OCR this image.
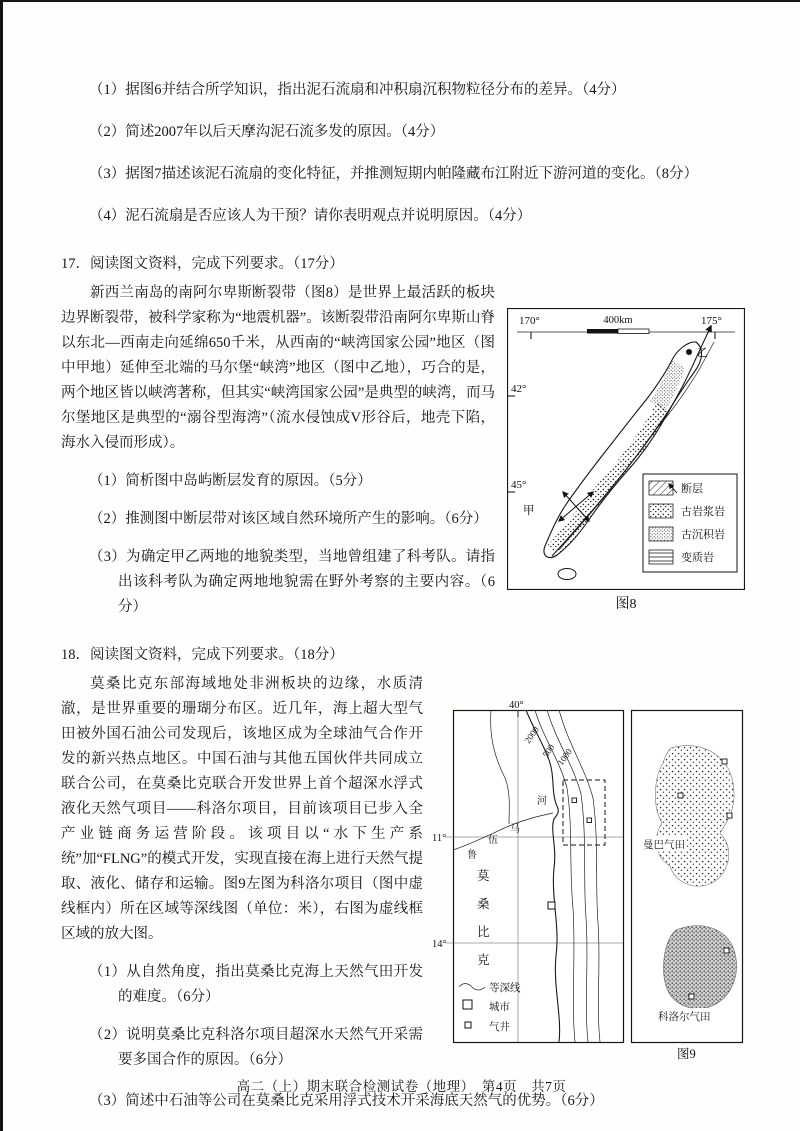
（1）据图6并结合所学知识，指出泥石流扇和冲积扇沉积物粒径分布的差异。（4分）
（2）简述2007年以后天摩沟泥石流多发的原因。（4分）
（3）据图7描述该泥石流扇的变化特征，并推测短期内帕隆藏布江附近下游河道的变化。（8分）
（4）泥石流扇是否应该人为干预？请你表明观点并说明原因。（4分）
17．阅读图文资料，完成下列要求。（17分）
170°	400km	175°
42°
45°
乙
甲
断层
古岩浆岩
古沉积岩
变质岩
图8

新西兰南岛的南阿尔卑斯断裂带（图8）是世界上最活跃的板块边界断裂带，被科学家称为“地震机器”。该断裂带沿南阿尔卑斯山脊以东北—西南走向延绵650千米，从西南的“峡湾国家公园”地区（图中甲地）延伸至北端的马尔堡“峡湾”地区（图中乙地），巧合的是，两个地区皆以峡湾著称，但其实“峡湾国家公园”是典型的峡湾，而马尔堡地区是典型的“溺谷型海湾”（流水侵蚀成V形谷后，地壳下陷，海水入侵而形成）。

（1）简析图中岛屿断层发育的原因。（5分）
（2）推测图中断层带对该区域自然环境所产生的影响。（6分）
（3）为确定甲乙两地的地貌类型，当地曾组建了科考队。请指出该科考队为确定两地地貌需在野外考察的主要内容。（6分）
18．阅读图文资料，完成下列要求。（18分）
40°
11°
14°
鲁
伍
马
河
2000
500 1000
莫
桑
比
克
等深线
城市
气井
曼巴气田
科洛尔气田
图9

莫桑比克东部海域地处非洲板块的边缘，水质清澈，是世界重要的珊瑚分布区。近几年，海上超大型气田被外国石油公司发现后，该地区成为全球油气合作开发的新兴热点地区。中国石油与其他五国伙伴共同成立联合公司，在莫桑比克联合开发世界上首个超深水浮式液化天然气项目——科洛尔项目，目前该项目已步入全产业链商务运营阶段。该项目以“水下生产系统”加“FLNG”的模式开发，实现直接在海上进行天然气提取、液化、储存和运输。图9左图为科洛尔项目（图中虚线框内）所在区域等深线图（单位：米），右图为虚线框区域的放大图。

（1）从自然角度，指出莫桑比克海上天然气田开发的难度。（6分）
（2）说明莫桑比克科洛尔项目超深水天然气开采需要多国合作的原因。（6分）
（3）简述中石油等公司在莫桑比克采用浮式技术开采海底天然气的优势。（6分）
高二（上）期末联合检测试卷（地理）　第4页　共7页
